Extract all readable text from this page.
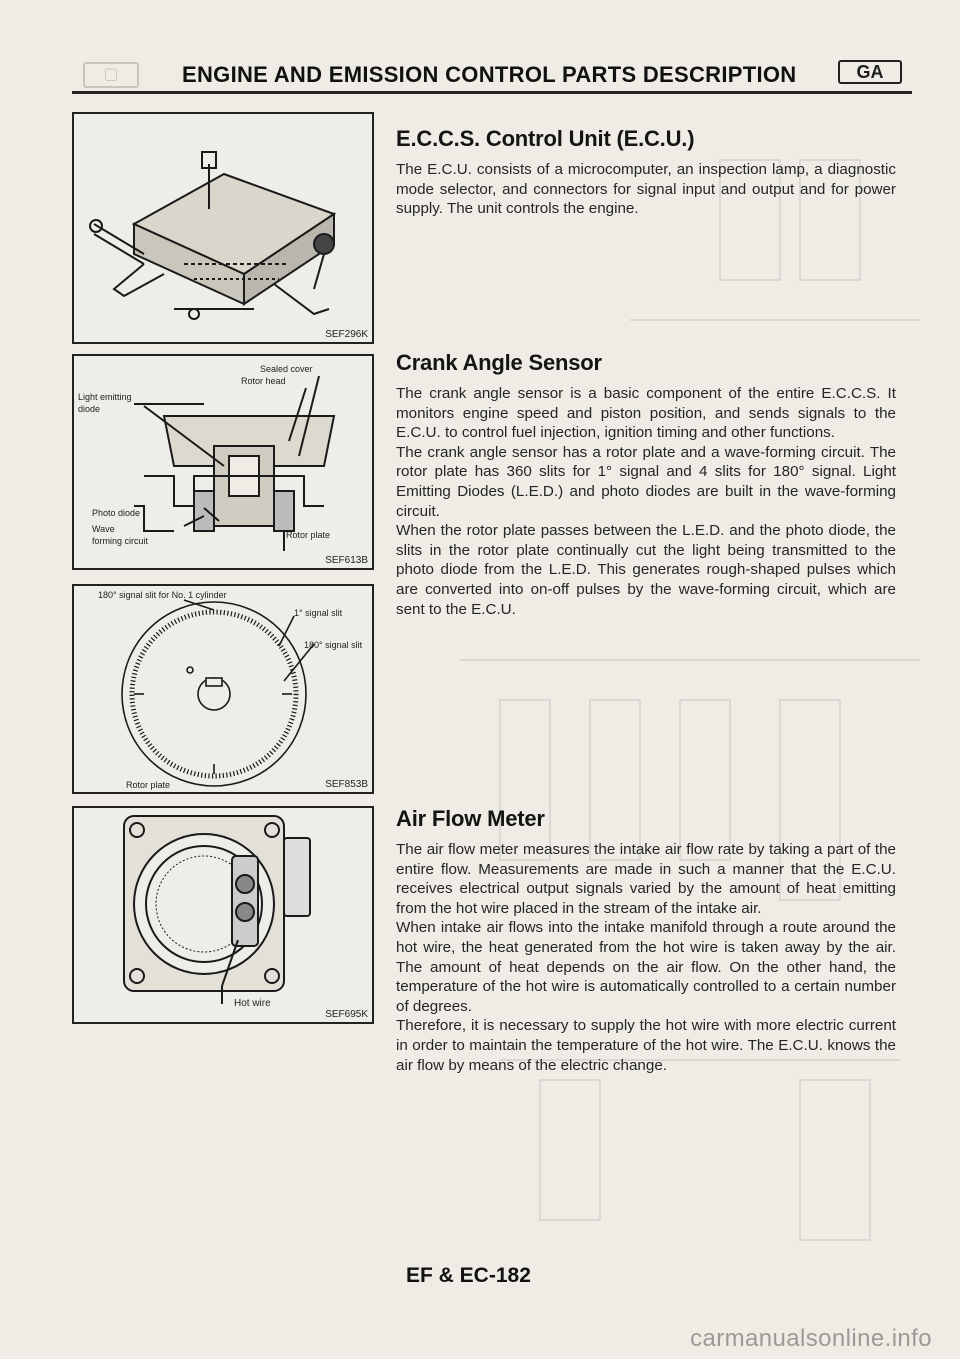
▢	ENGINE AND EMISSION CONTROL PARTS DESCRIPTION	GA
SEF296K
Sealed cover
Rotor head
Light emitting
diode
Photo diode
Wave
forming circuit
Rotor plate
SEF613B
180° signal slit for No. 1 cylinder
1° signal slit
180° signal slit
Rotor plate	SEF853B
Hot wire
SEF695K
E.C.C.S. Control Unit (E.C.U.)

The E.C.U. consists of a microcomputer, an inspection lamp, a diagnostic mode selector, and connectors for signal input and output and for power supply. The unit controls the engine.

Crank Angle Sensor

The crank angle sensor is a basic component of the entire E.C.C.S. It monitors engine speed and piston position, and sends signals to the E.C.U. to control fuel injection, ignition timing and other functions.

The crank angle sensor has a rotor plate and a wave-forming circuit. The rotor plate has 360 slits for 1° signal and 4 slits for 180° signal. Light Emitting Diodes (L.E.D.) and photo diodes are built in the wave-forming circuit.

When the rotor plate passes between the L.E.D. and the photo diode, the slits in the rotor plate continually cut the light being transmitted to the photo diode from the L.E.D. This generates rough-shaped pulses which are converted into on-off pulses by the wave-forming circuit, which are sent to the E.C.U.

Air Flow Meter

The air flow meter measures the intake air flow rate by taking a part of the entire flow. Measurements are made in such a manner that the E.C.U. receives electrical output signals varied by the amount of heat emitting from the hot wire placed in the stream of the intake air.

When intake air flows into the intake manifold through a route around the hot wire, the heat generated from the hot wire is taken away by the air. The amount of heat depends on the air flow. On the other hand, the temperature of the hot wire is automatically controlled to a certain number of degrees.

Therefore, it is necessary to supply the hot wire with more electric current in order to maintain the temperature of the hot wire. The E.C.U. knows the air flow by means of the electric change.

EF & EC-182
carmanualsonline.info
